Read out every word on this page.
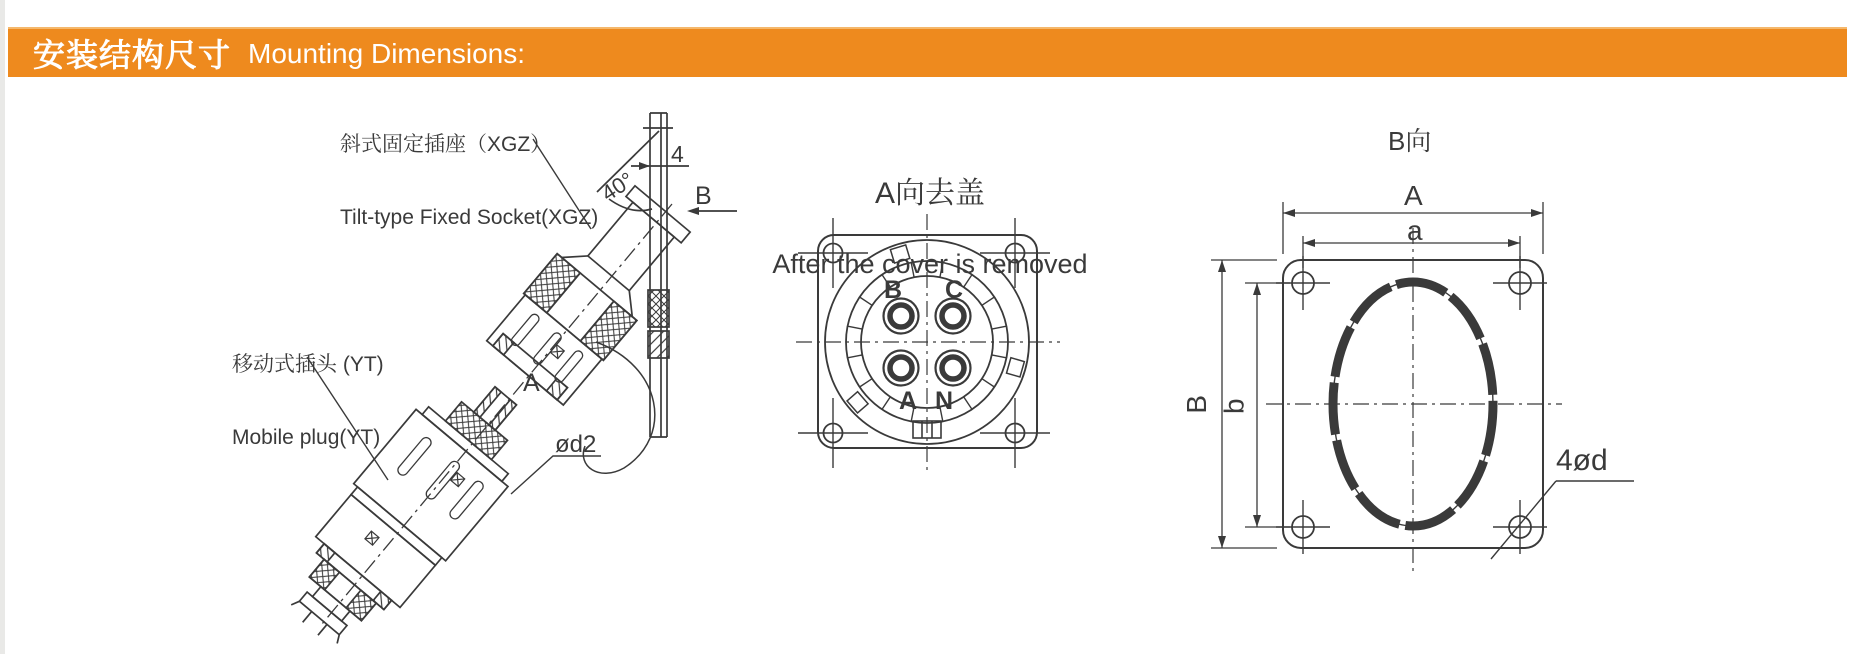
安装结构尺寸 Mounting Dimensions:

斜式固定插座（XGZ）

Tilt-type Fixed Socket(XGZ)

移动式插头 (YT)

Mobile plug(YT)

4
B
40°
A
ød2

A向去盖

After the cover is removed

B C
A N
B向
A
a
B b
4ød
